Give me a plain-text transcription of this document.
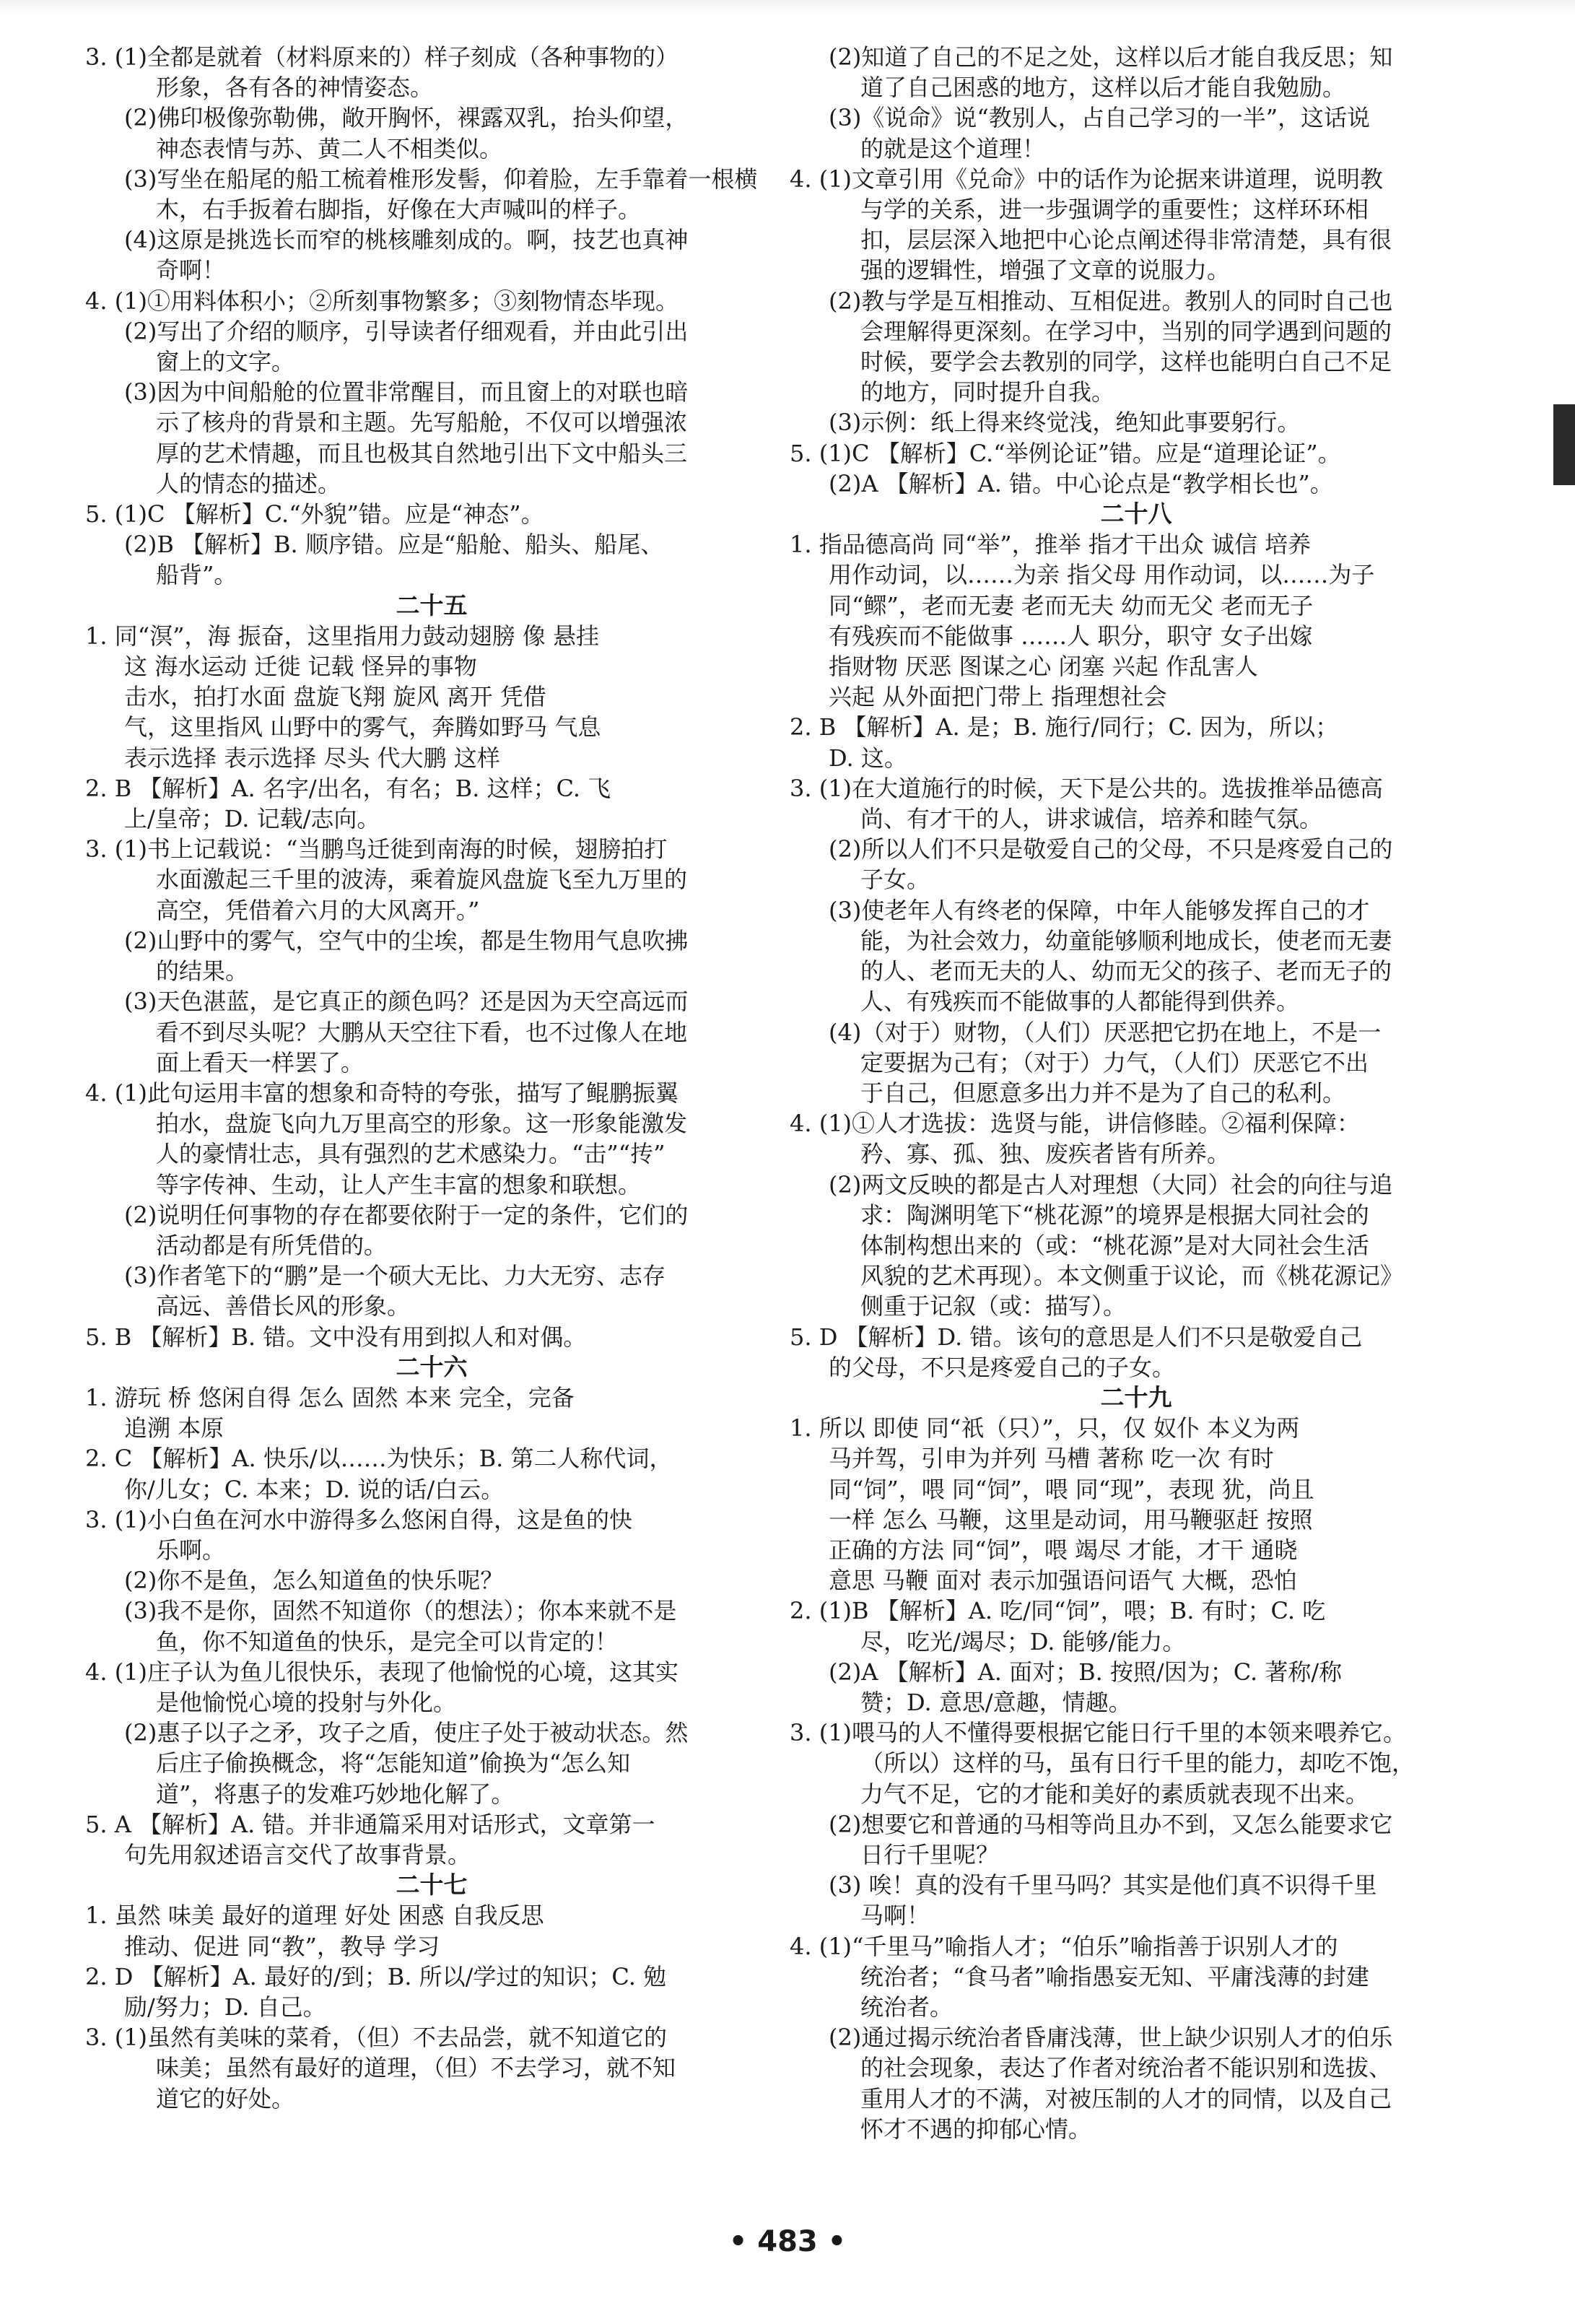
3. (1)全都是就着（材料原来的）样子刻成（各种事物的）
形象，各有各的神情姿态。
(2)佛印极像弥勒佛，敞开胸怀，裸露双乳，抬头仰望，
神态表情与苏、黄二人不相类似。
(3)写坐在船尾的船工梳着椎形发髻，仰着脸，左手靠着一根横
木，右手扳着右脚指，好像在大声喊叫的样子。
(4)这原是挑选长而窄的桃核雕刻成的。啊，技艺也真神
奇啊！
4. (1)①用料体积小；②所刻事物繁多；③刻物情态毕现。
(2)写出了介绍的顺序，引导读者仔细观看，并由此引出
窗上的文字。
(3)因为中间船舱的位置非常醒目，而且窗上的对联也暗
示了核舟的背景和主题。先写船舱，不仅可以增强浓
厚的艺术情趣，而且也极其自然地引出下文中船头三
人的情态的描述。
5. (1)C 【解析】C.“外貌”错。应是“神态”。
(2)B 【解析】B. 顺序错。应是“船舱、船头、船尾、
船背”。
二十五
1. 同“溟”，海 振奋，这里指用力鼓动翅膀 像 悬挂
这 海水运动 迁徙 记载 怪异的事物
击水，拍打水面 盘旋飞翔 旋风 离开 凭借
气，这里指风 山野中的雾气，奔腾如野马 气息
表示选择 表示选择 尽头 代大鹏 这样
2. B 【解析】A. 名字/出名，有名；B. 这样；C. 飞
上/皇帝；D. 记载/志向。
3. (1)书上记载说：“当鹏鸟迁徙到南海的时候，翅膀拍打
水面激起三千里的波涛，乘着旋风盘旋飞至九万里的
高空，凭借着六月的大风离开。”
(2)山野中的雾气，空气中的尘埃，都是生物用气息吹拂
的结果。
(3)天色湛蓝，是它真正的颜色吗？还是因为天空高远而
看不到尽头呢？大鹏从天空往下看，也不过像人在地
面上看天一样罢了。
4. (1)此句运用丰富的想象和奇特的夸张，描写了鲲鹏振翼
拍水，盘旋飞向九万里高空的形象。这一形象能激发
人的豪情壮志，具有强烈的艺术感染力。“击”“抟”
等字传神、生动，让人产生丰富的想象和联想。
(2)说明任何事物的存在都要依附于一定的条件，它们的
活动都是有所凭借的。
(3)作者笔下的“鹏”是一个硕大无比、力大无穷、志存
高远、善借长风的形象。
5. B 【解析】B. 错。文中没有用到拟人和对偶。
二十六
1. 游玩 桥 悠闲自得 怎么 固然 本来 完全，完备
追溯 本原
2. C 【解析】A. 快乐/以……为快乐；B. 第二人称代词，
你/儿女；C. 本来；D. 说的话/白云。
3. (1)小白鱼在河水中游得多么悠闲自得，这是鱼的快
乐啊。
(2)你不是鱼，怎么知道鱼的快乐呢？
(3)我不是你，固然不知道你（的想法）；你本来就不是
鱼，你不知道鱼的快乐，是完全可以肯定的！
4. (1)庄子认为鱼儿很快乐，表现了他愉悦的心境，这其实
是他愉悦心境的投射与外化。
(2)惠子以子之矛，攻子之盾，使庄子处于被动状态。然
后庄子偷换概念，将“怎能知道”偷换为“怎么知
道”，将惠子的发难巧妙地化解了。
5. A 【解析】A. 错。并非通篇采用对话形式，文章第一
句先用叙述语言交代了故事背景。
二十七
1. 虽然 味美 最好的道理 好处 困惑 自我反思
推动、促进 同“教”，教导 学习
2. D 【解析】A. 最好的/到；B. 所以/学过的知识；C. 勉
励/努力；D. 自己。
3. (1)虽然有美味的菜肴，（但）不去品尝，就不知道它的
味美；虽然有最好的道理，（但）不去学习，就不知
道它的好处。
(2)知道了自己的不足之处，这样以后才能自我反思；知
道了自己困惑的地方，这样以后才能自我勉励。
(3)《说命》说“教别人，占自己学习的一半”，这话说
的就是这个道理！
4. (1)文章引用《兑命》中的话作为论据来讲道理，说明教
与学的关系，进一步强调学的重要性；这样环环相
扣，层层深入地把中心论点阐述得非常清楚，具有很
强的逻辑性，增强了文章的说服力。
(2)教与学是互相推动、互相促进。教别人的同时自己也
会理解得更深刻。在学习中，当别的同学遇到问题的
时候，要学会去教别的同学，这样也能明白自己不足
的地方，同时提升自我。
(3)示例：纸上得来终觉浅，绝知此事要躬行。
5. (1)C 【解析】C.“举例论证”错。应是“道理论证”。
(2)A 【解析】A. 错。中心论点是“教学相长也”。
二十八
1. 指品德高尚 同“举”，推举 指才干出众 诚信 培养
用作动词，以……为亲 指父母 用作动词，以……为子
同“鳏”，老而无妻 老而无夫 幼而无父 老而无子
有残疾而不能做事 ……人 职分，职守 女子出嫁
指财物 厌恶 图谋之心 闭塞 兴起 作乱害人
兴起 从外面把门带上 指理想社会
2. B 【解析】A. 是；B. 施行/同行；C. 因为，所以；
D. 这。
3. (1)在大道施行的时候，天下是公共的。选拔推举品德高
尚、有才干的人，讲求诚信，培养和睦气氛。
(2)所以人们不只是敬爱自己的父母，不只是疼爱自己的
子女。
(3)使老年人有终老的保障，中年人能够发挥自己的才
能，为社会效力，幼童能够顺利地成长，使老而无妻
的人、老而无夫的人、幼而无父的孩子、老而无子的
人、有残疾而不能做事的人都能得到供养。
(4)（对于）财物，（人们）厌恶把它扔在地上，不是一
定要据为己有；（对于）力气，（人们）厌恶它不出
于自己，但愿意多出力并不是为了自己的私利。
4. (1)①人才选拔：选贤与能，讲信修睦。②福利保障：
矜、寡、孤、独、废疾者皆有所养。
(2)两文反映的都是古人对理想（大同）社会的向往与追
求：陶渊明笔下“桃花源”的境界是根据大同社会的
体制构想出来的（或：“桃花源”是对大同社会生活
风貌的艺术再现）。本文侧重于议论，而《桃花源记》
侧重于记叙（或：描写）。
5. D 【解析】D. 错。该句的意思是人们不只是敬爱自己
的父母，不只是疼爱自己的子女。
二十九
1. 所以 即使 同“祇（只）”，只，仅 奴仆 本义为两
马并驾，引申为并列 马槽 著称 吃一次 有时
同“饲”，喂 同“饲”，喂 同“现”，表现 犹，尚且
一样 怎么 马鞭，这里是动词，用马鞭驱赶 按照
正确的方法 同“饲”，喂 竭尽 才能，才干 通晓
意思 马鞭 面对 表示加强语问语气 大概，恐怕
2. (1)B 【解析】A. 吃/同“饲”，喂；B. 有时；C. 吃
尽，吃光/竭尽；D. 能够/能力。
(2)A 【解析】A. 面对；B. 按照/因为；C. 著称/称
赞；D. 意思/意趣，情趣。
3. (1)喂马的人不懂得要根据它能日行千里的本领来喂养它。
（所以）这样的马，虽有日行千里的能力，却吃不饱，
力气不足，它的才能和美好的素质就表现不出来。
(2)想要它和普通的马相等尚且办不到，又怎么能要求它
日行千里呢？
(3) 唉！真的没有千里马吗？其实是他们真不识得千里
马啊！
4. (1)“千里马”喻指人才；“伯乐”喻指善于识别人才的
统治者；“食马者”喻指愚妄无知、平庸浅薄的封建
统治者。
(2)通过揭示统治者昏庸浅薄，世上缺少识别人才的伯乐
的社会现象，表达了作者对统治者不能识别和选拔、
重用人才的不满，对被压制的人才的同情，以及自己
怀才不遇的抑郁心情。
• 483 •
